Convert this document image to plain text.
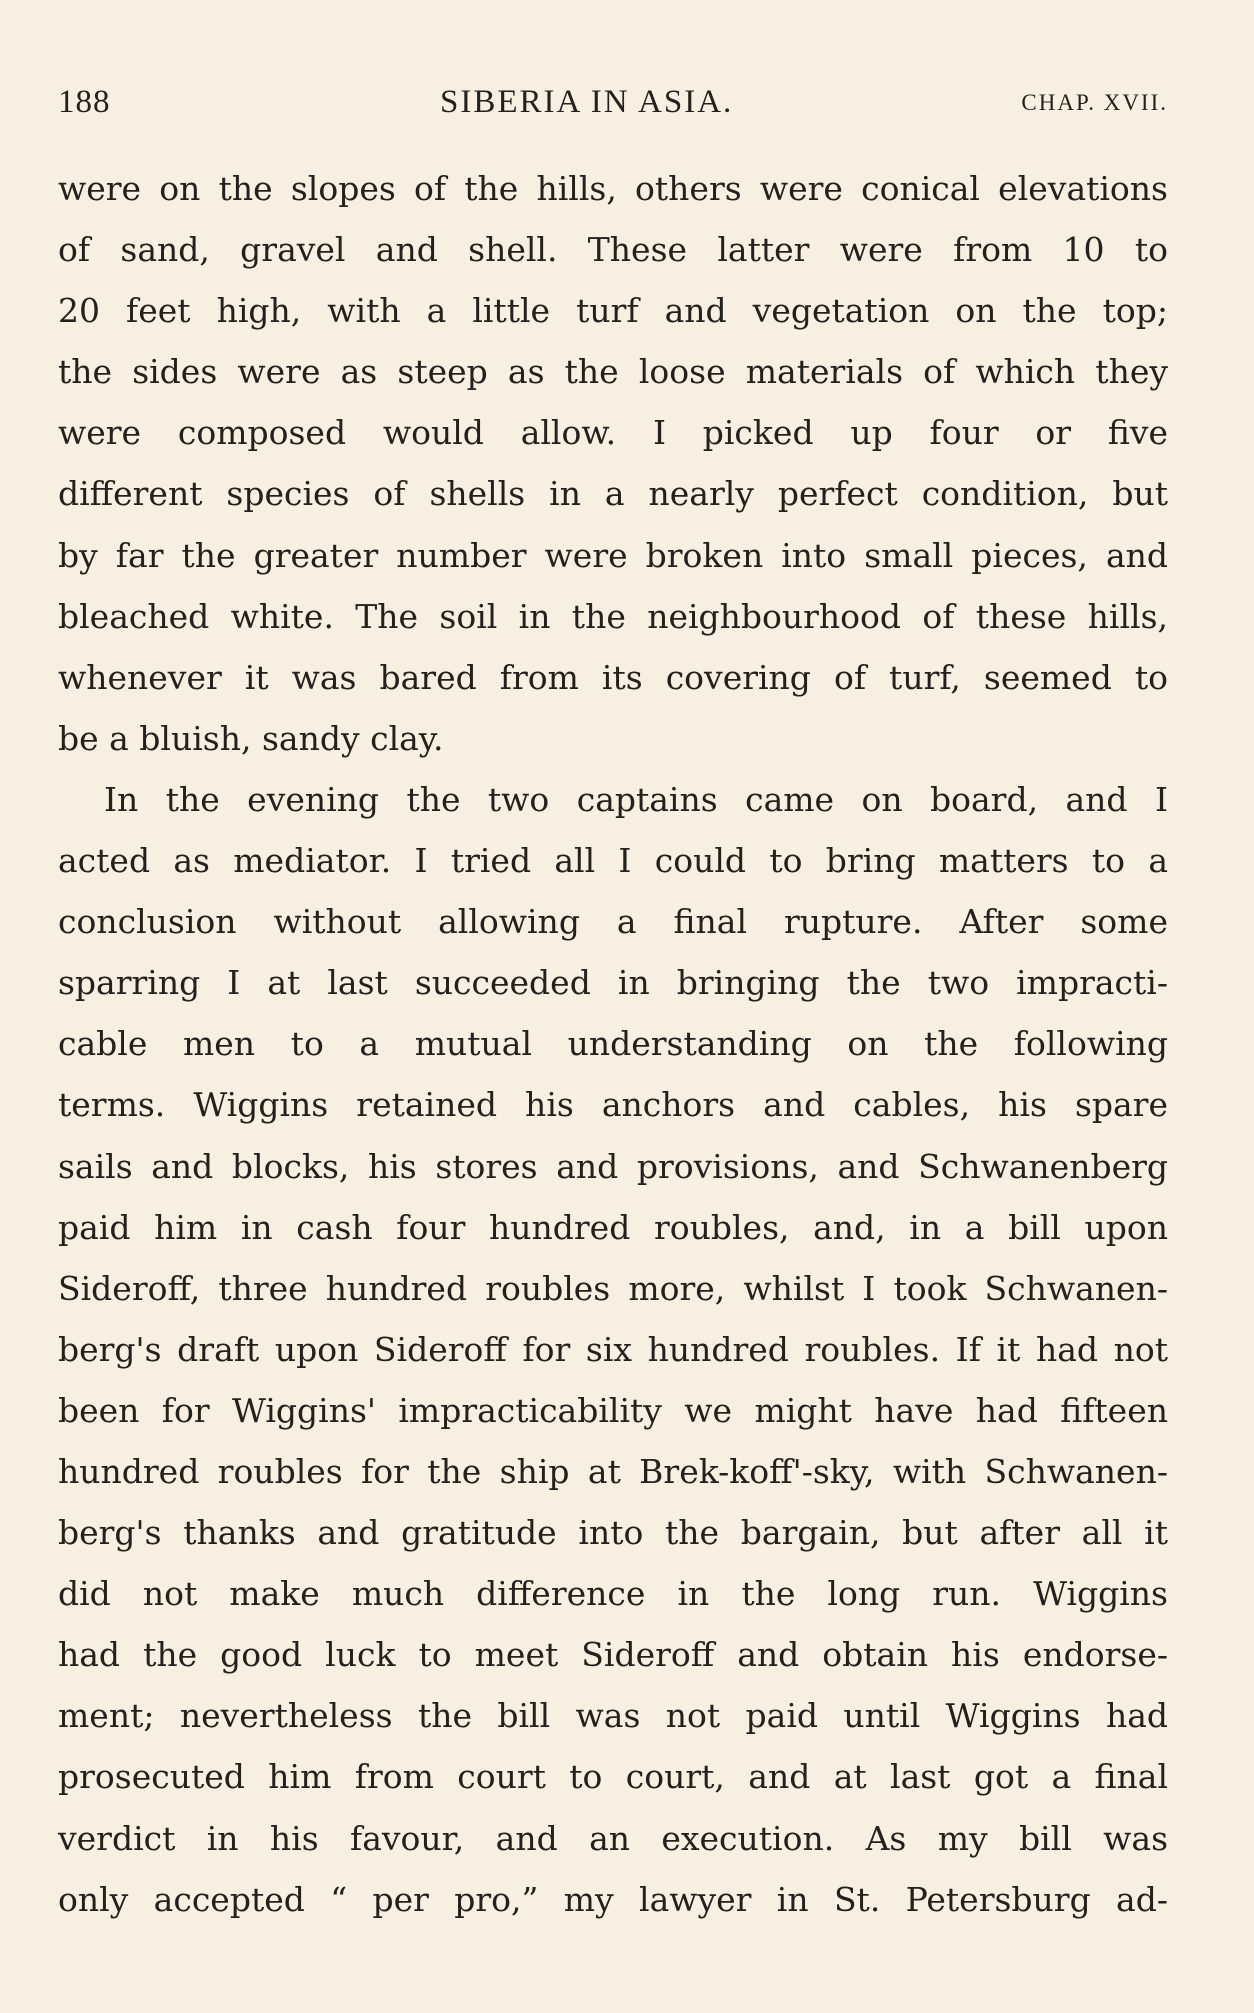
188	SIBERIA IN ASIA.	CHAP. XVII.
were on the slopes of the hills, others were conical elevations
of sand, gravel and shell. These latter were from 10 to
20 feet high, with a little turf and vegetation on the top;
the sides were as steep as the loose materials of which they
were composed would allow. I picked up four or five
different species of shells in a nearly perfect condition, but
by far the greater number were broken into small pieces, and
bleached white. The soil in the neighbourhood of these hills,
whenever it was bared from its covering of turf, seemed to
be a bluish, sandy clay.
In the evening the two captains came on board, and I
acted as mediator. I tried all I could to bring matters to a
conclusion without allowing a final rupture. After some
sparring I at last succeeded in bringing the two impracti-
cable men to a mutual understanding on the following
terms. Wiggins retained his anchors and cables, his spare
sails and blocks, his stores and provisions, and Schwanenberg
paid him in cash four hundred roubles, and, in a bill upon
Sideroff, three hundred roubles more, whilst I took Schwanen-
berg's draft upon Sideroff for six hundred roubles. If it had not
been for Wiggins' impracticability we might have had fifteen
hundred roubles for the ship at Brek-koff'-sky, with Schwanen-
berg's thanks and gratitude into the bargain, but after all it
did not make much difference in the long run. Wiggins
had the good luck to meet Sideroff and obtain his endorse-
ment; nevertheless the bill was not paid until Wiggins had
prosecuted him from court to court, and at last got a final
verdict in his favour, and an execution. As my bill was
only accepted “ per pro,” my lawyer in St. Petersburg ad-
